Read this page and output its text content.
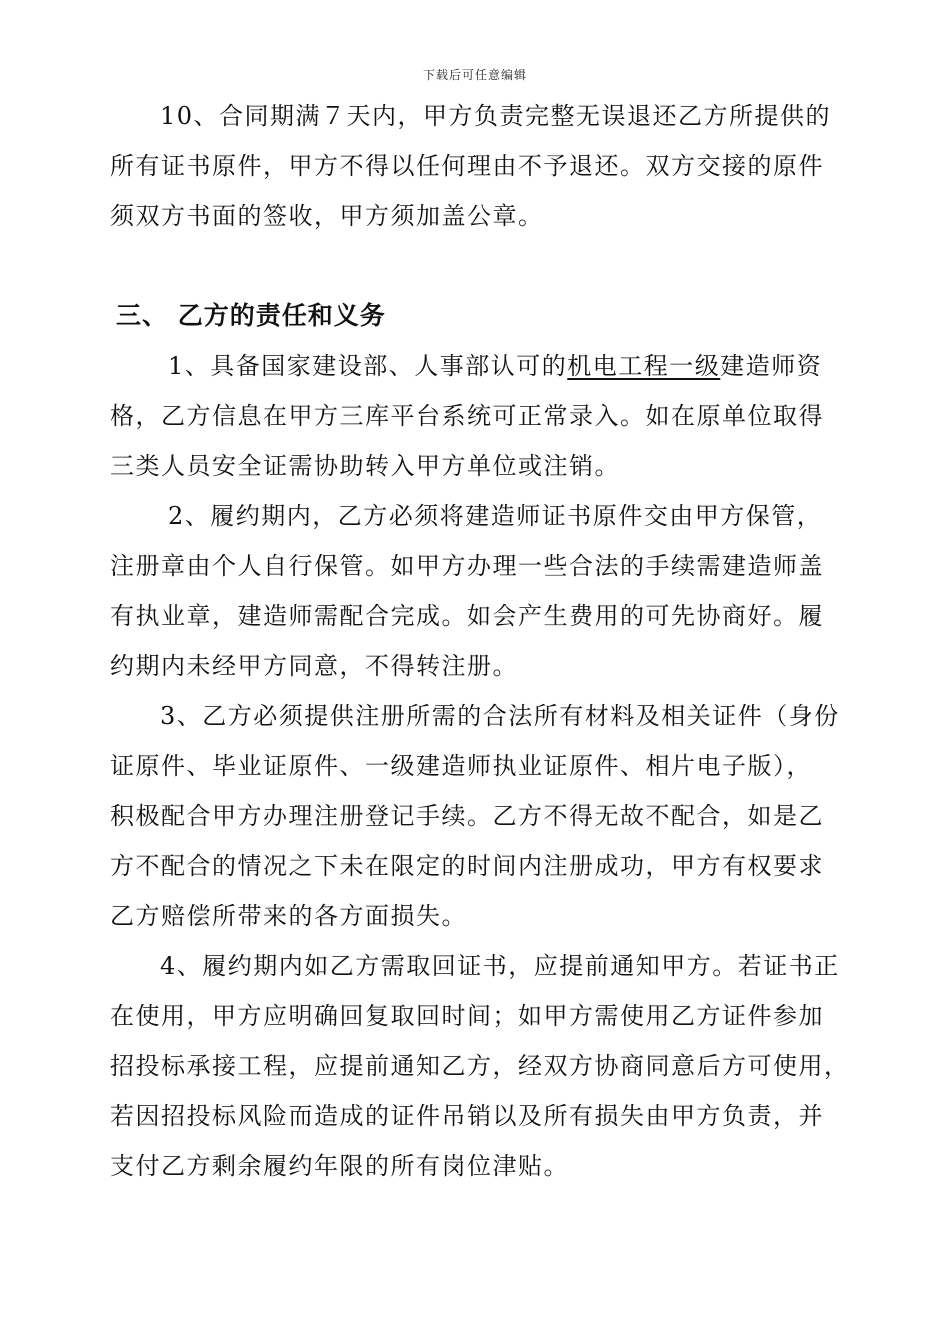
下载后可任意编辑

10、合同期满７天内，甲方负责完整无误退还乙方所提供的

所有证书原件，甲方不得以任何理由不予退还。双方交接的原件

须双方书面的签收，甲方须加盖公章。

三、 乙方的责任和义务

1、具备国家建设部、人事部认可的机电工程一级建造师资

格，乙方信息在甲方三库平台系统可正常录入。如在原单位取得

三类人员安全证需协助转入甲方单位或注销。

2、履约期内，乙方必须将建造师证书原件交由甲方保管，

注册章由个人自行保管。如甲方办理一些合法的手续需建造师盖

有执业章，建造师需配合完成。如会产生费用的可先协商好。履

约期内未经甲方同意，不得转注册。

3、乙方必须提供注册所需的合法所有材料及相关证件（身份

证原件、毕业证原件、一级建造师执业证原件、相片电子版），

积极配合甲方办理注册登记手续。乙方不得无故不配合，如是乙

方不配合的情况之下未在限定的时间内注册成功，甲方有权要求

乙方赔偿所带来的各方面损失。

4、履约期内如乙方需取回证书，应提前通知甲方。若证书正

在使用，甲方应明确回复取回时间；如甲方需使用乙方证件参加

招投标承接工程，应提前通知乙方，经双方协商同意后方可使用，

若因招投标风险而造成的证件吊销以及所有损失由甲方负责，并

支付乙方剩余履约年限的所有岗位津贴。
